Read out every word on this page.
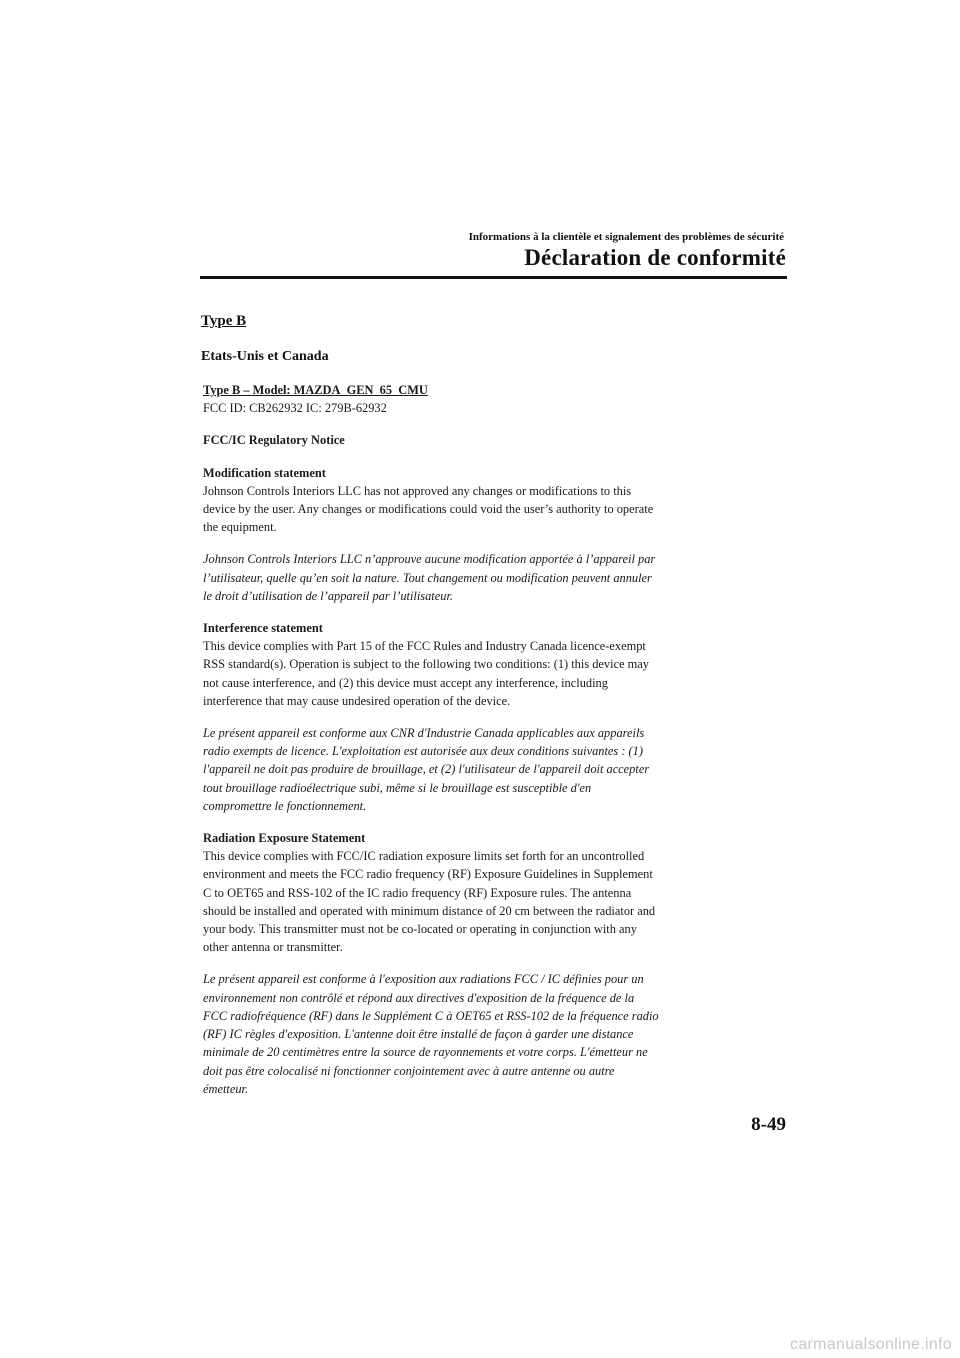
Informations à la clientèle et signalement des problèmes de sécurité
Déclaration de conformité
Type B
Etats-Unis et Canada

Type B – Model: MAZDA_GEN_65_CMU

FCC ID: CB262932 IC: 279B-62932

FCC/IC Regulatory Notice

Modification statement

Johnson Controls Interiors LLC has not approved any changes or modifications to this

device by the user. Any changes or modifications could void the user’s authority to operate

the equipment.

Johnson Controls Interiors LLC n’approuve aucune modification apportée à l’appareil par

l’utilisateur, quelle qu’en soit la nature. Tout changement ou modification peuvent annuler

le droit d’utilisation de l’appareil par l’utilisateur.

Interference statement

This device complies with Part 15 of the FCC Rules and Industry Canada licence-exempt

RSS standard(s). Operation is subject to the following two conditions: (1) this device may

not cause interference, and (2) this device must accept any interference, including

interference that may cause undesired operation of the device.

Le présent appareil est conforme aux CNR d'Industrie Canada applicables aux appareils

radio exempts de licence. L'exploitation est autorisée aux deux conditions suivantes : (1)

l'appareil ne doit pas produire de brouillage, et (2) l'utilisateur de l'appareil doit accepter

tout brouillage radioélectrique subi, même si le brouillage est susceptible d'en

compromettre le fonctionnement.

Radiation Exposure Statement

This device complies with FCC/IC radiation exposure limits set forth for an uncontrolled

environment and meets the FCC radio frequency (RF) Exposure Guidelines in Supplement

C to OET65 and RSS-102 of the IC radio frequency (RF) Exposure rules. The antenna

should be installed and operated with minimum distance of 20 cm between the radiator and

your body. This transmitter must not be co-located or operating in conjunction with any

other antenna or transmitter.

Le présent appareil est conforme à l'exposition aux radiations FCC / IC définies pour un

environnement non contrôlé et répond aux directives d'exposition de la fréquence de la

FCC radiofréquence (RF) dans le Supplément C à OET65 et RSS-102 de la fréquence radio

(RF) IC règles d'exposition. L'antenne doit être installé de façon à garder une distance

minimale de 20 centimètres entre la source de rayonnements et votre corps. L'émetteur ne

doit pas être colocalisé ni fonctionner conjointement avec à autre antenne ou autre

émetteur.

8-49
carmanualsonline.info
